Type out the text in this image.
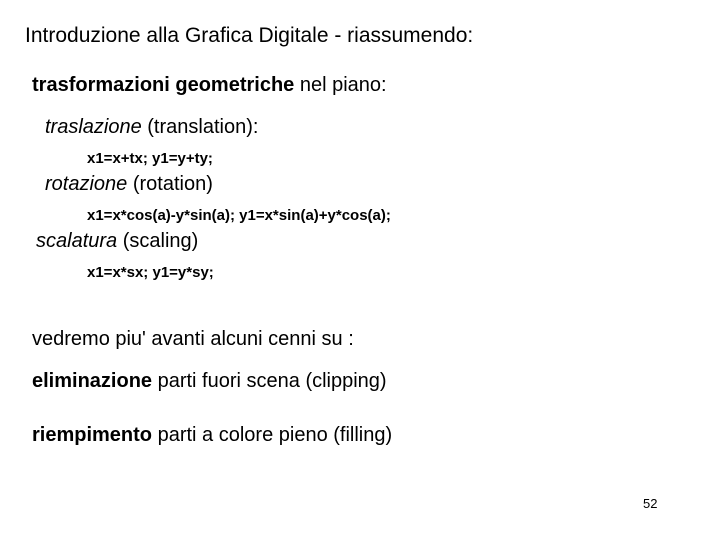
Introduzione alla Grafica Digitale - riassumendo:
trasformazioni geometriche nel piano:
traslazione (translation):
x1=x+tx; y1=y+ty;
rotazione (rotation)
x1=x*cos(a)-y*sin(a); y1=x*sin(a)+y*cos(a);
scalatura (scaling)
x1=x*sx; y1=y*sy;
vedremo piu' avanti alcuni cenni su :
eliminazione parti fuori scena (clipping)
riempimento parti a colore pieno (filling)
52
